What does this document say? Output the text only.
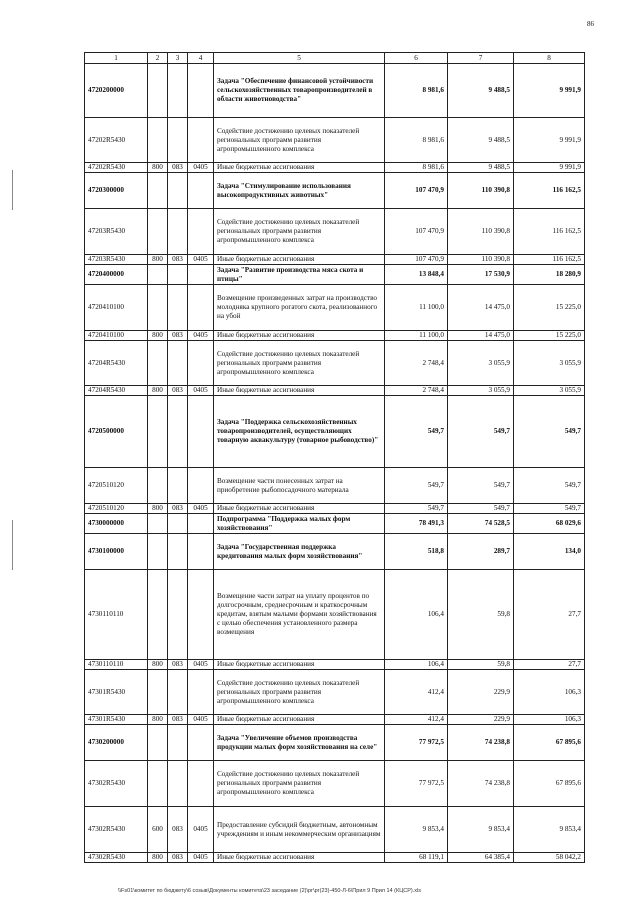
86
1	2	3	4	5	6	7	8
4720200000				Задача "Обеспечение финансовой устойчивости сельскохозяйственных товаропроизводителей в области животноводства"	8 981,6	9 488,5	9 991,9
47202R5430				Содействие достижению целевых показателей региональных программ развития агропромышленного комплекса	8 981,6	9 488,5	9 991,9
47202R5430	800	083	0405	Иные бюджетные ассигнования	8 981,6	9 488,5	9 991,9
4720300000				Задача "Стимулирование использования высокопродуктивных животных"	107 470,9	110 390,8	116 162,5
47203R5430				Содействие достижению целевых показателей региональных программ развития агропромышленного комплекса	107 470,9	110 390,8	116 162,5
47203R5430	800	083	0405	Иные бюджетные ассигнования	107 470,9	110 390,8	116 162,5
4720400000				Задача "Развитие производства мяса скота и птицы"	13 848,4	17 530,9	18 280,9
4720410100				Возмещение произведенных затрат на производство молодняка крупного рогатого скота, реализованного на убой	11 100,0	14 475,0	15 225,0
4720410100	800	083	0405	Иные бюджетные ассигнования	11 100,0	14 475,0	15 225,0
47204R5430				Содействие достижению целевых показателей региональных программ развития агропромышленного комплекса	2 748,4	3 055,9	3 055,9
47204R5430	800	083	0405	Иные бюджетные ассигнования	2 748,4	3 055,9	3 055,9
4720500000				Задача "Поддержка сельскохозяйственных товаропроизводителей, осуществляющих товарную аквакультуру (товарное рыбоводство)"	549,7	549,7	549,7
4720510120				Возмещение части понесенных затрат на приобретение рыбопосадочного материала	549,7	549,7	549,7
4720510120	800	083	0405	Иные бюджетные ассигнования	549,7	549,7	549,7
4730000000				Подпрограмма "Поддержка малых форм хозяйствования"	78 491,3	74 528,5	68 029,6
4730100000				Задача "Государственная поддержка кредитования малых форм хозяйствования"	518,8	289,7	134,0
4730110110				Возмещение части затрат на уплату процентов по долгосрочным, среднесрочным и краткосрочным кредитам, взятым малыми формами хозяйствования с целью обеспечения установленного размера возмещения	106,4	59,8	27,7
4730110110	800	083	0405	Иные бюджетные ассигнования	106,4	59,8	27,7
47301R5430				Содействие достижению целевых показателей региональных программ развития агропромышленного комплекса	412,4	229,9	106,3
47301R5430	800	083	0405	Иные бюджетные ассигнования	412,4	229,9	106,3
4730200000				Задача "Увеличение объемов производства продукции малых форм хозяйствования на селе"	77 972,5	74 238,8	67 895,6
47302R5430				Содействие достижению целевых показателей региональных программ развития агропромышленного комплекса	77 972,5	74 238,8	67 895,6
47302R5430	600	083	0405	Предоставление субсидий бюджетным, автономным учреждениям и иным некоммерческим организациям	9 853,4	9 853,4	9 853,4
47302R5430	800	083	0405	Иные бюджетные ассигнования	68 119,1	64 385,4	58 042,2
\\Fs01\комитет по бюджету\6 созыв\Документы комитета\23 заседание (2)\рг\рг(23)-450-Л-6\Прил 9 Прил 14 (КЦСР).xls
